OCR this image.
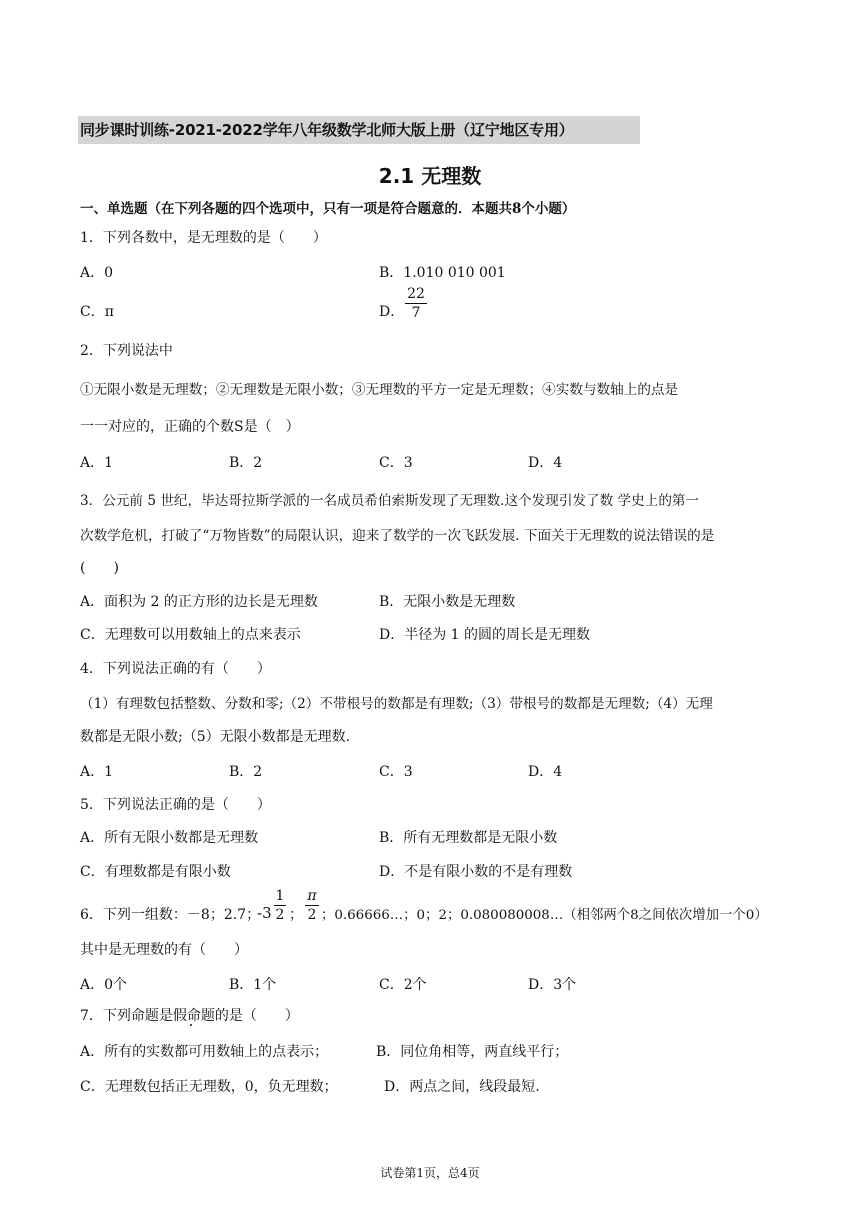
同步课时训练-2021-2022学年八年级数学北师大版上册（辽宁地区专用）
2.1 无理数
一、单选题（在下列各题的四个选项中，只有一项是符合题意的．本题共8个小题）
1．下列各数中，是无理数的是（　　）
A．0	B．1.010 010 001
C．π	D．
22
7
2．下列说法中
①无限小数是无理数；②无理数是无限小数；③无理数的平方一定是无理数；④实数与数轴上的点是
一一对应的，正确的个数S是（　）
A．1	B．2	C．3	D．4
3．公元前 5 世纪，毕达哥拉斯学派的一名成员希伯索斯发现了无理数.这个发现引发了数 学史上的第一
次数学危机，打破了“万物皆数”的局限认识，迎来了数学的一次飞跃发展. 下面关于无理数的说法错误的是
(　　)
A．面积为 2 的正方形的边长是无理数	B．无限小数是无理数
C．无理数可以用数轴上的点来表示	D．半径为 1 的圆的周长是无理数
4．下列说法正确的有（　　）
（1）有理数包括整数、分数和零;（2）不带根号的数都是有理数;（3）带根号的数都是无理数;（4）无理
数都是无限小数;（5）无限小数都是无理数.
A．1	B．2	C．3	D．4
5．下列说法正确的是（　　）
A．所有无限小数都是无理数	B．所有无理数都是无限小数
C．有理数都是有限小数	D．不是有限小数的不是有理数
6．下列一组数：－8；2.7；
-3
1
2 ；
π
2 ；0.66666…；0；2；0.080080008…（相邻两个8之间依次增加一个0）
其中是无理数的有（　　）
A．0个	B．1个	C．2个	D．3个
7．下列命题是假命题的是（　　）
A．所有的实数都可用数轴上的点表示；	B．同位角相等，两直线平行；
C．无理数包括正无理数，0，负无理数；	D．两点之间，线段最短.
试卷第1页，总4页
